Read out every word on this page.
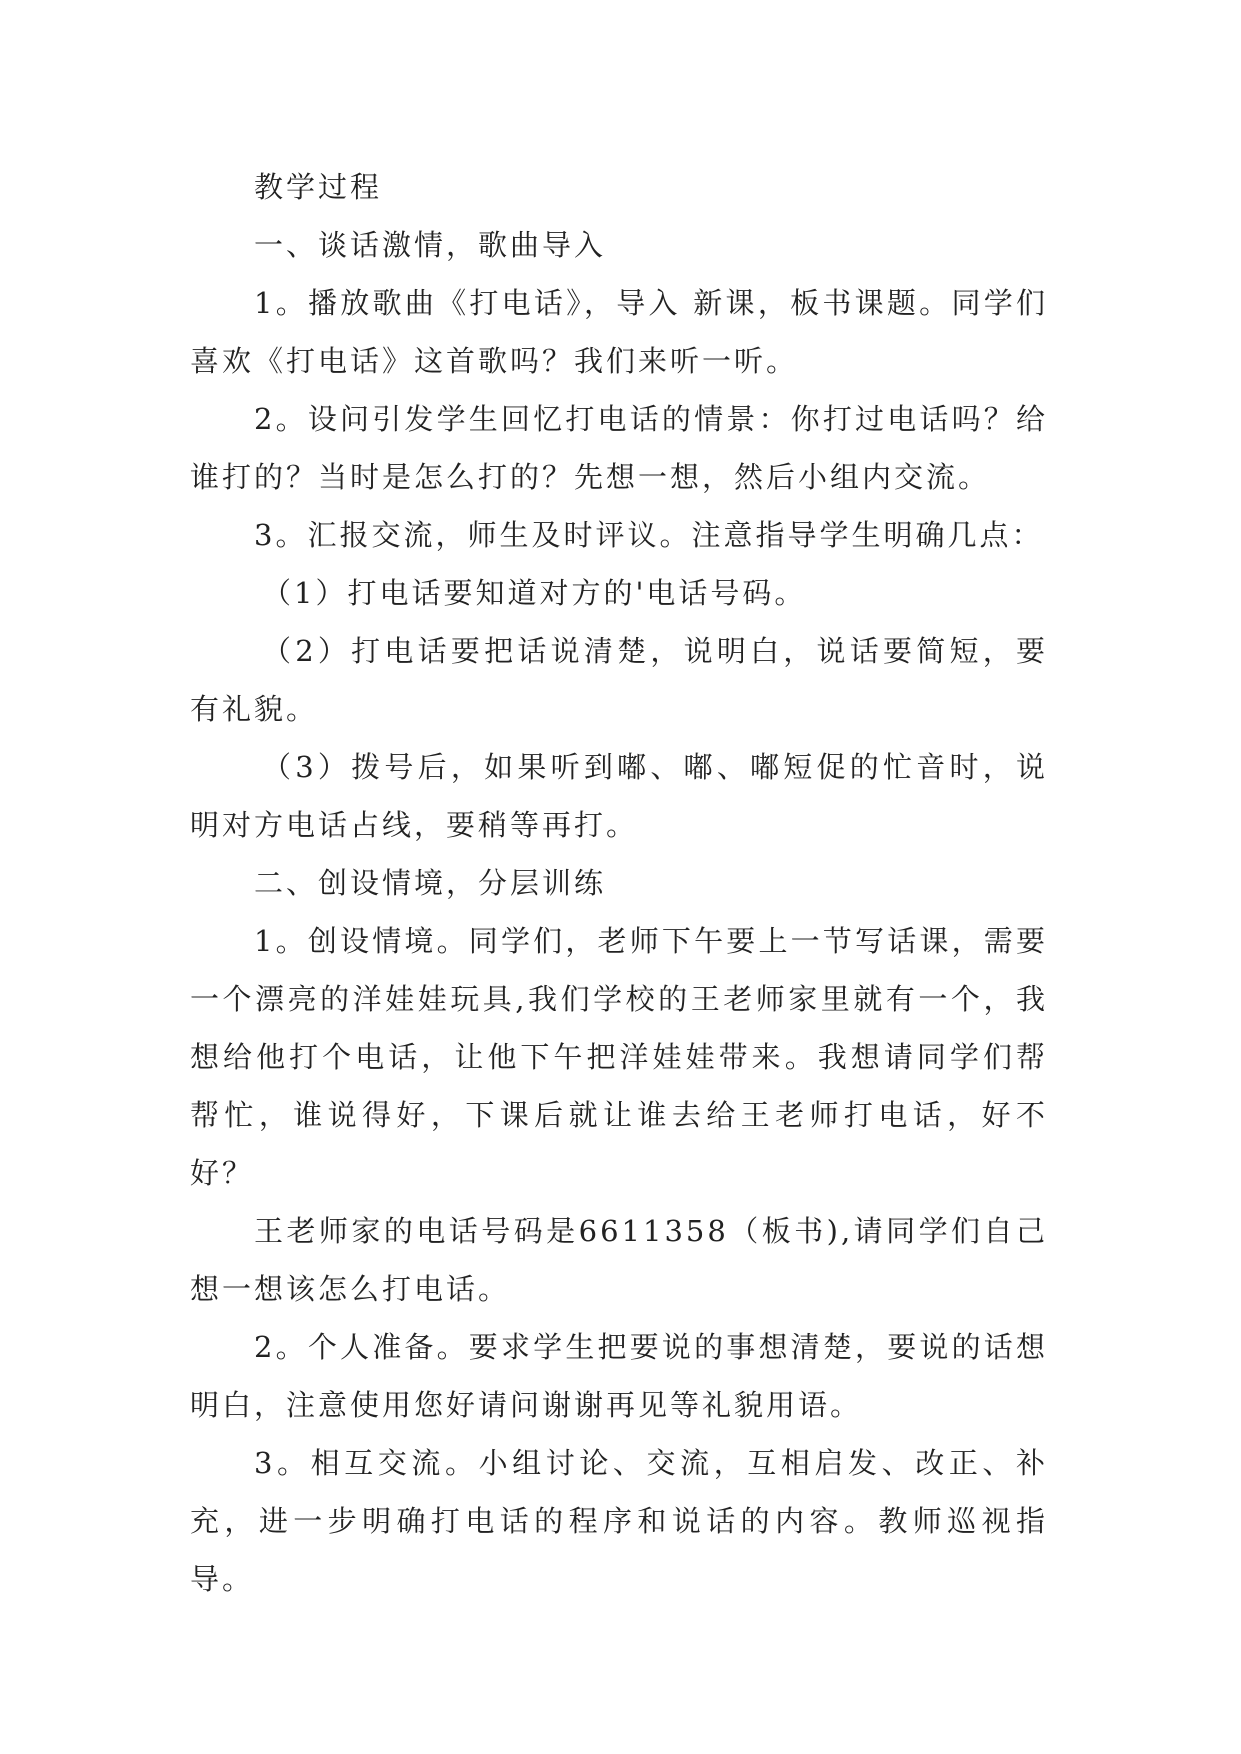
教学过程

一、谈话激情，歌曲导入

1。播放歌曲《打电话》，导入 新课，板书课题。同学们喜欢《打电话》这首歌吗？我们来听一听。

2。设问引发学生回忆打电话的情景：你打过电话吗？给谁打的？当时是怎么打的？先想一想，然后小组内交流。

3。汇报交流，师生及时评议。注意指导学生明确几点：

（1）打电话要知道对方的'电话号码。

（2）打电话要把话说清楚，说明白，说话要简短，要有礼貌。

（3）拨号后，如果听到嘟、嘟、嘟短促的忙音时，说明对方电话占线，要稍等再打。

二、创设情境，分层训练

1。创设情境。同学们，老师下午要上一节写话课，需要一个漂亮的洋娃娃玩具,我们学校的王老师家里就有一个，我想给他打个电话，让他下午把洋娃娃带来。我想请同学们帮帮忙，谁说得好，下课后就让谁去给王老师打电话，好不好？

王老师家的电话号码是6611358（板书),请同学们自己想一想该怎么打电话。

2。个人准备。要求学生把要说的事想清楚，要说的话想明白，注意使用您好请问谢谢再见等礼貌用语。

3。相互交流。小组讨论、交流，互相启发、改正、补充，进一步明确打电话的程序和说话的内容。教师巡视指导。
